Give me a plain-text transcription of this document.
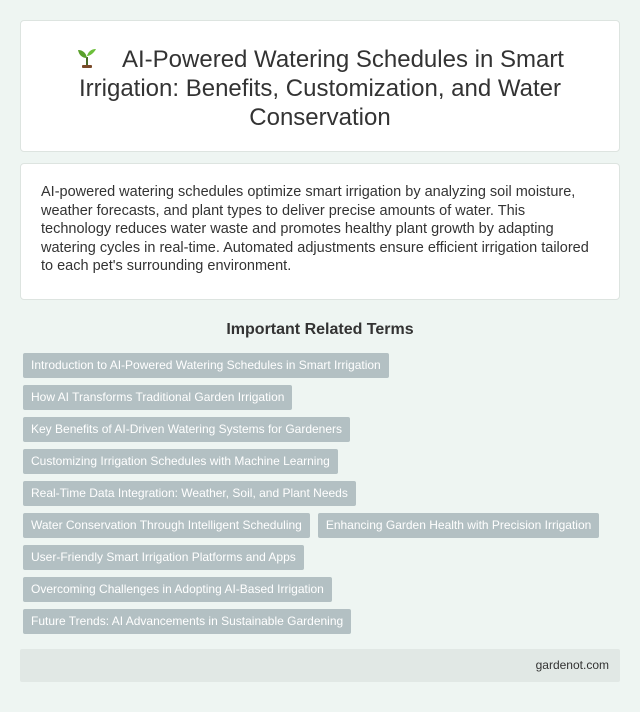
AI-Powered Watering Schedules in Smart Irrigation: Benefits, Customization, and Water Conservation

AI-powered watering schedules optimize smart irrigation by analyzing soil moisture, weather forecasts, and plant types to deliver precise amounts of water. This technology reduces water waste and promotes healthy plant growth by adapting watering cycles in real-time. Automated adjustments ensure efficient irrigation tailored to each pet's surrounding environment.

Important Related Terms
Introduction to AI-Powered Watering Schedules in Smart Irrigation
How AI Transforms Traditional Garden Irrigation
Key Benefits of AI-Driven Watering Systems for Gardeners
Customizing Irrigation Schedules with Machine Learning
Real-Time Data Integration: Weather, Soil, and Plant Needs
Water Conservation Through Intelligent Scheduling	Enhancing Garden Health with Precision Irrigation
User-Friendly Smart Irrigation Platforms and Apps
Overcoming Challenges in Adopting AI-Based Irrigation
Future Trends: AI Advancements in Sustainable Gardening
gardenot.com
